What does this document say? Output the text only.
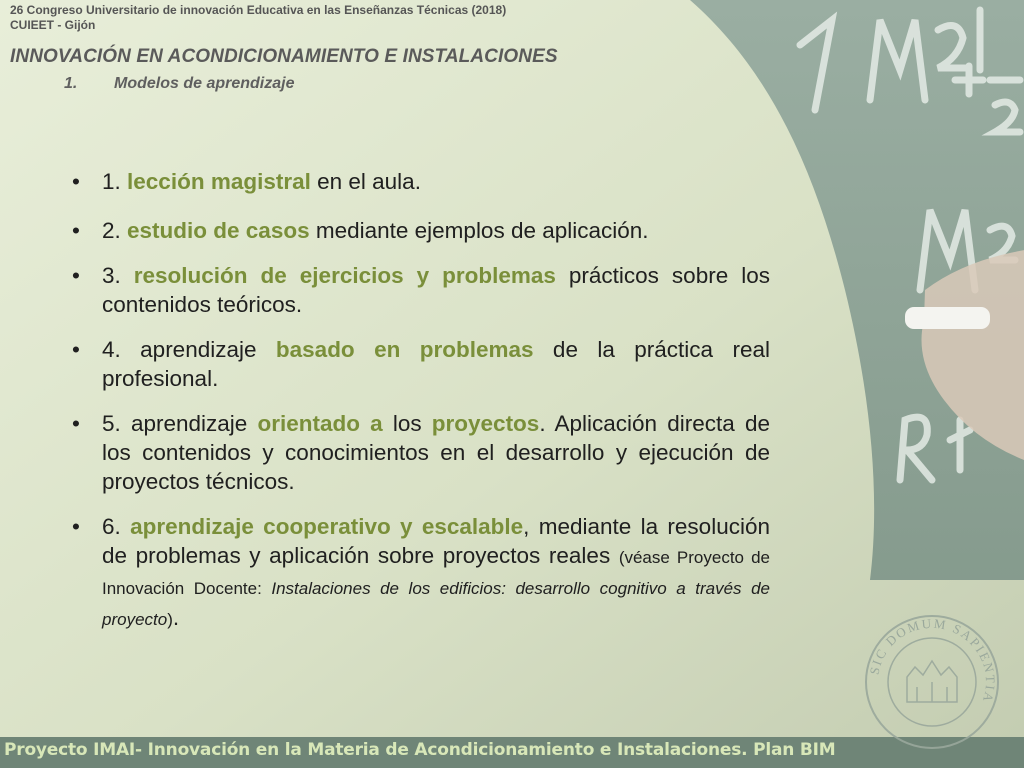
26 Congreso Universitario de innovación Educativa en las Enseñanzas Técnicas (2018)
CUIEET - Gijón
INNOVACIÓN EN ACONDICIONAMIENTO E INSTALACIONES
1. Modelos de aprendizaje
• 1. lección magistral en el aula.
• 2. estudio de casos mediante ejemplos de aplicación.
• 3. resolución de ejercicios y problemas prácticos sobre los contenidos teóricos.
• 4. aprendizaje basado en problemas de la práctica real profesional.
• 5. aprendizaje orientado a los proyectos. Aplicación directa de los contenidos y conocimientos en el desarrollo y ejecución de proyectos técnicos.
• 6. aprendizaje cooperativo y escalable, mediante la resolución de problemas y aplicación sobre proyectos reales (véase Proyecto de Innovación Docente: Instalaciones de los edificios: desarrollo cognitivo a través de proyecto).
SIC DOMUM SAPIENTIA
Proyecto IMAI- Innovación en la Materia de Acondicionamiento e Instalaciones. Plan BIM
